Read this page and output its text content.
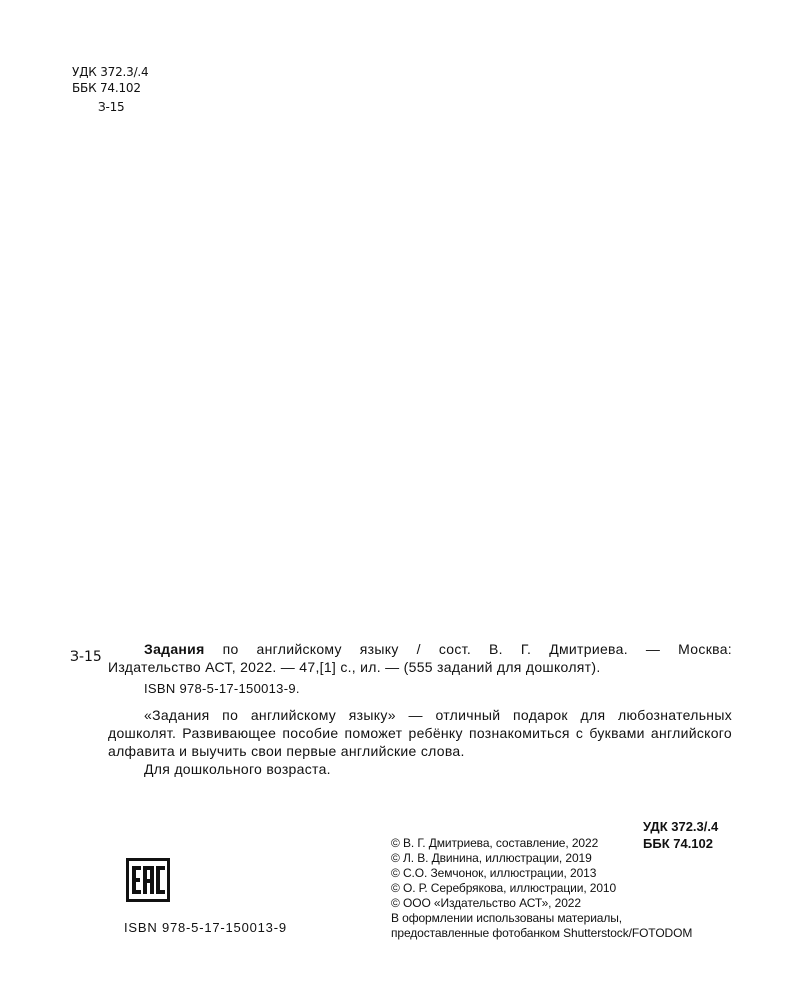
УДК 372.3/.4
ББК 74.102
З-15
З-15	Задания по английскому языку / сост. В. Г. Дмитриева. — Москва:

Издательство АСТ, 2022. — 47,[1] с., ил. — (555 заданий для дошколят).

ISBN 978-5-17-150013-9.

«Задания по английскому языку» — отличный подарок для любознательных дошколят. Развивающее пособие поможет ребёнку познакомиться с буквами английского алфавита и выучить свои первые английские слова.

Для дошкольного возраста.

УДК 372.3/.4
ББК 74.102
© В. Г. Дмитриева, составление, 2022
© Л. В. Двинина, иллюстрации, 2019
© С.О. Земчонок, иллюстрации, 2013
© О. Р. Серебрякова, иллюстрации, 2010
© ООО «Издательство АСТ», 2022
В оформлении использованы материалы,
предоставленные фотобанком Shutterstock/FOTODOM
ISBN 978-5-17-150013-9
